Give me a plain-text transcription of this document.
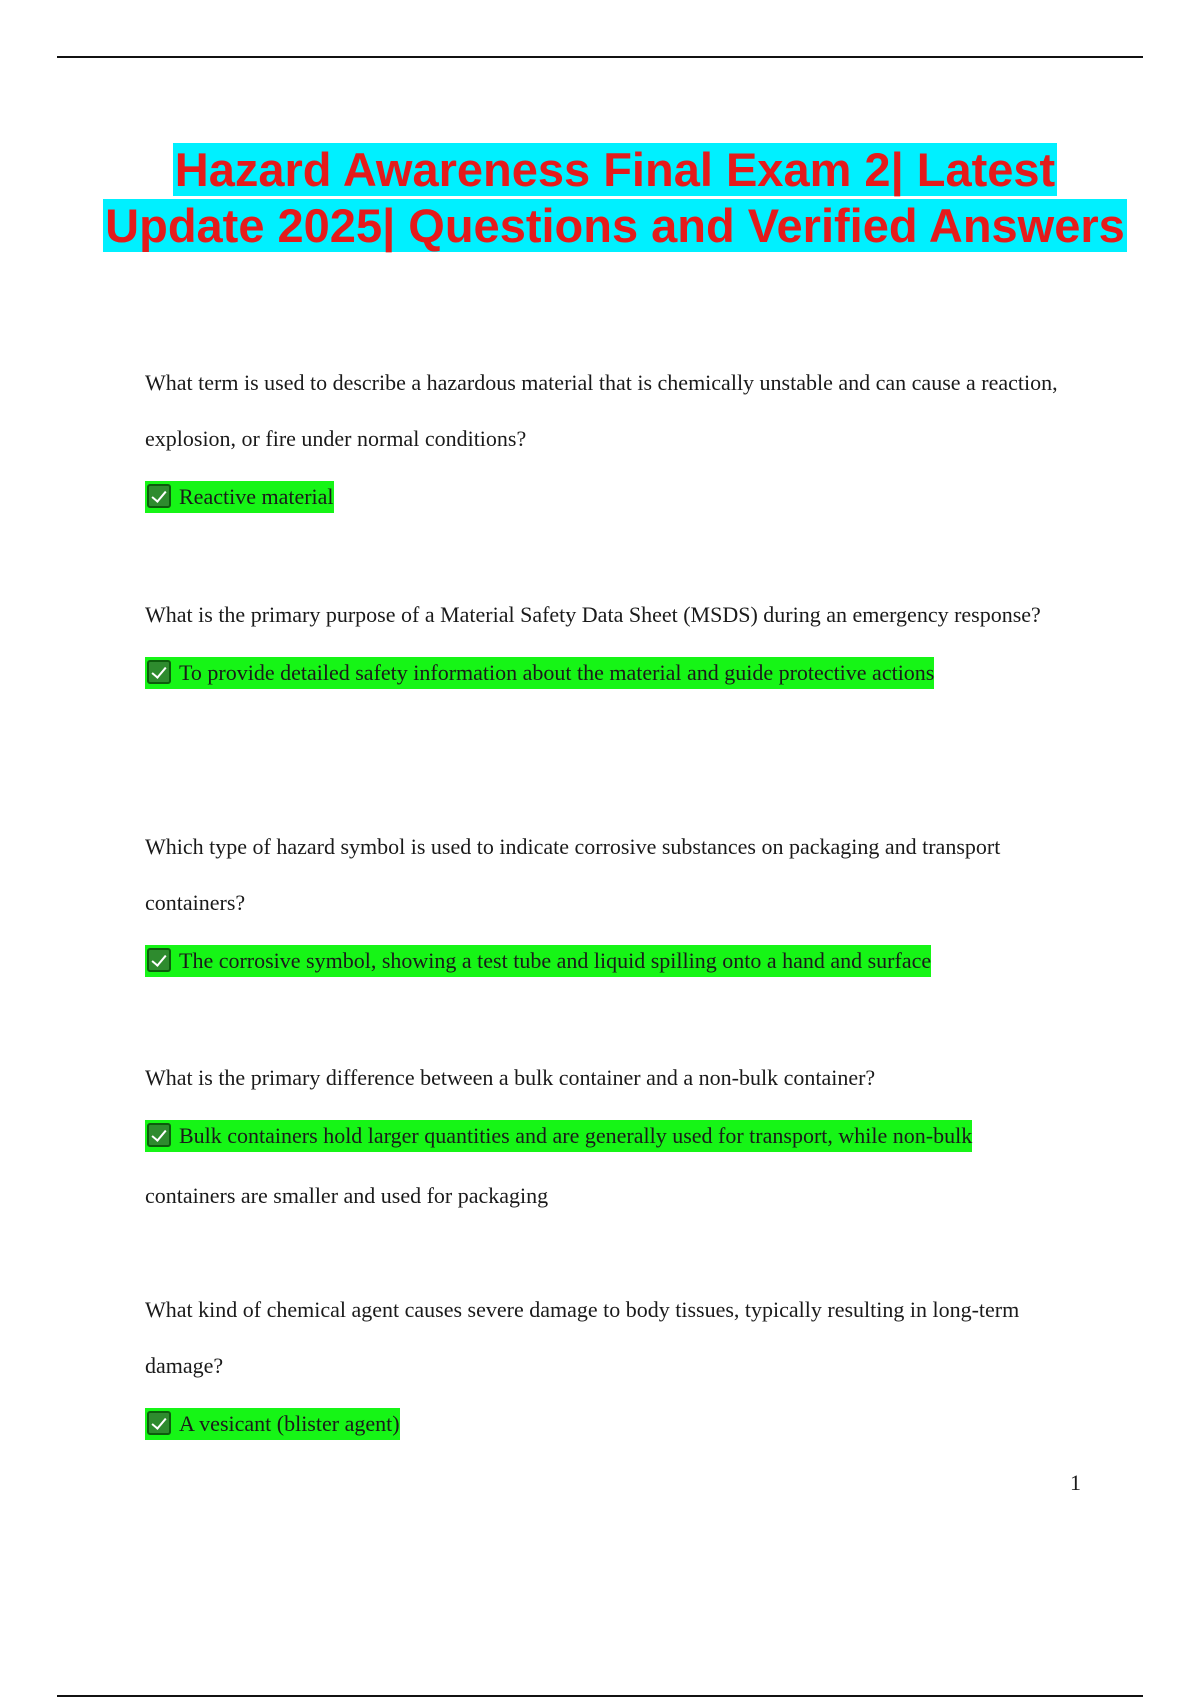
Hazard Awareness Final Exam 2| Latest Update 2025| Questions and Verified Answers

What term is used to describe a hazardous material that is chemically unstable and can cause a reaction, explosion, or fire under normal conditions?

Reactive material

What is the primary purpose of a Material Safety Data Sheet (MSDS) during an emergency response?

To provide detailed safety information about the material and guide protective actions

Which type of hazard symbol is used to indicate corrosive substances on packaging and transport containers?

The corrosive symbol, showing a test tube and liquid spilling onto a hand and surface

What is the primary difference between a bulk container and a non-bulk container?

Bulk containers hold larger quantities and are generally used for transport, while non-bulk

containers are smaller and used for packaging

What kind of chemical agent causes severe damage to body tissues, typically resulting in long-term damage?

A vesicant (blister agent)

1
